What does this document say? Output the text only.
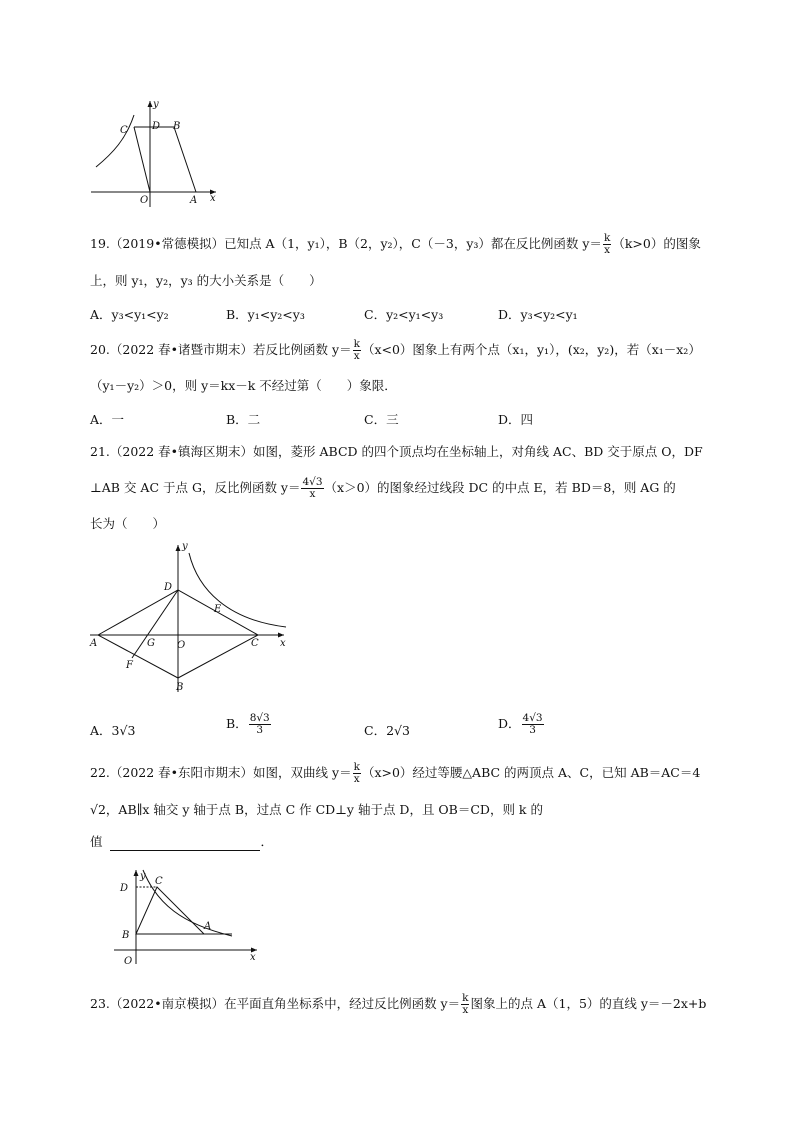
y
x
C D B
O	A
19.（2019•常德模拟）已知点 A（1，y₁），B（2，y₂），C（－3，y₃）都在反比例函数 $y= \frac{k}{x} (k>0)$的图象
上，则 y₁，y₂，y₃ 的大小关系是（　　）
A．y₃<y₁<y₂	B．y₁<y₂<y₃	C．y₂<y₁<y₃	D．y₃<y₂<y₁
20.（2022 春•诸暨市期末）若反比例函数 $y= \frac{k}{x} (x<0)$图象上有两个点（x₁，y₁），(x₂，y₂)，若（x₁－x₂）
（y₁－y₂）＞0，则 y＝kx－k 不经过第（　　）象限．
A．一	B．二	C．三	D．四
21.（2022 春•镇海区期末）如图，菱形 ABCD 的四个顶点均在坐标轴上，对角线 AC、BD 交于原点 O，DF
⊥AB 交 AC 于点 G，反比例函数 $y= \frac{4√3}{x} (x>0)$的图象经过线段 DC 的中点 E，若 BD＝8，则 AG 的
长为（　　）
y
x
D
E
A	G O	C
F
B
A．3√3	B． $\frac{8√3}{3}$	C．2√3	D． $\frac{4√3}{3}$
22.（2022 春•东阳市期末）如图，双曲线 $y= \frac{k}{x} (x>0)$经过等腰△ABC 的两顶点 A、C，已知 AB＝AC＝4
√2，AB∥x 轴交 y 轴于点 B，过点 C 作 CD⊥y 轴于点 D，且 OB＝CD，则 k 的
值	．
y
x
D
C
B
A
O
23.（2022•南京模拟）在平面直角坐标系中，经过反比例函数 $y= \frac{k}{x}$ 图象上的点 A（1，5）的直线 y＝－2x+b
